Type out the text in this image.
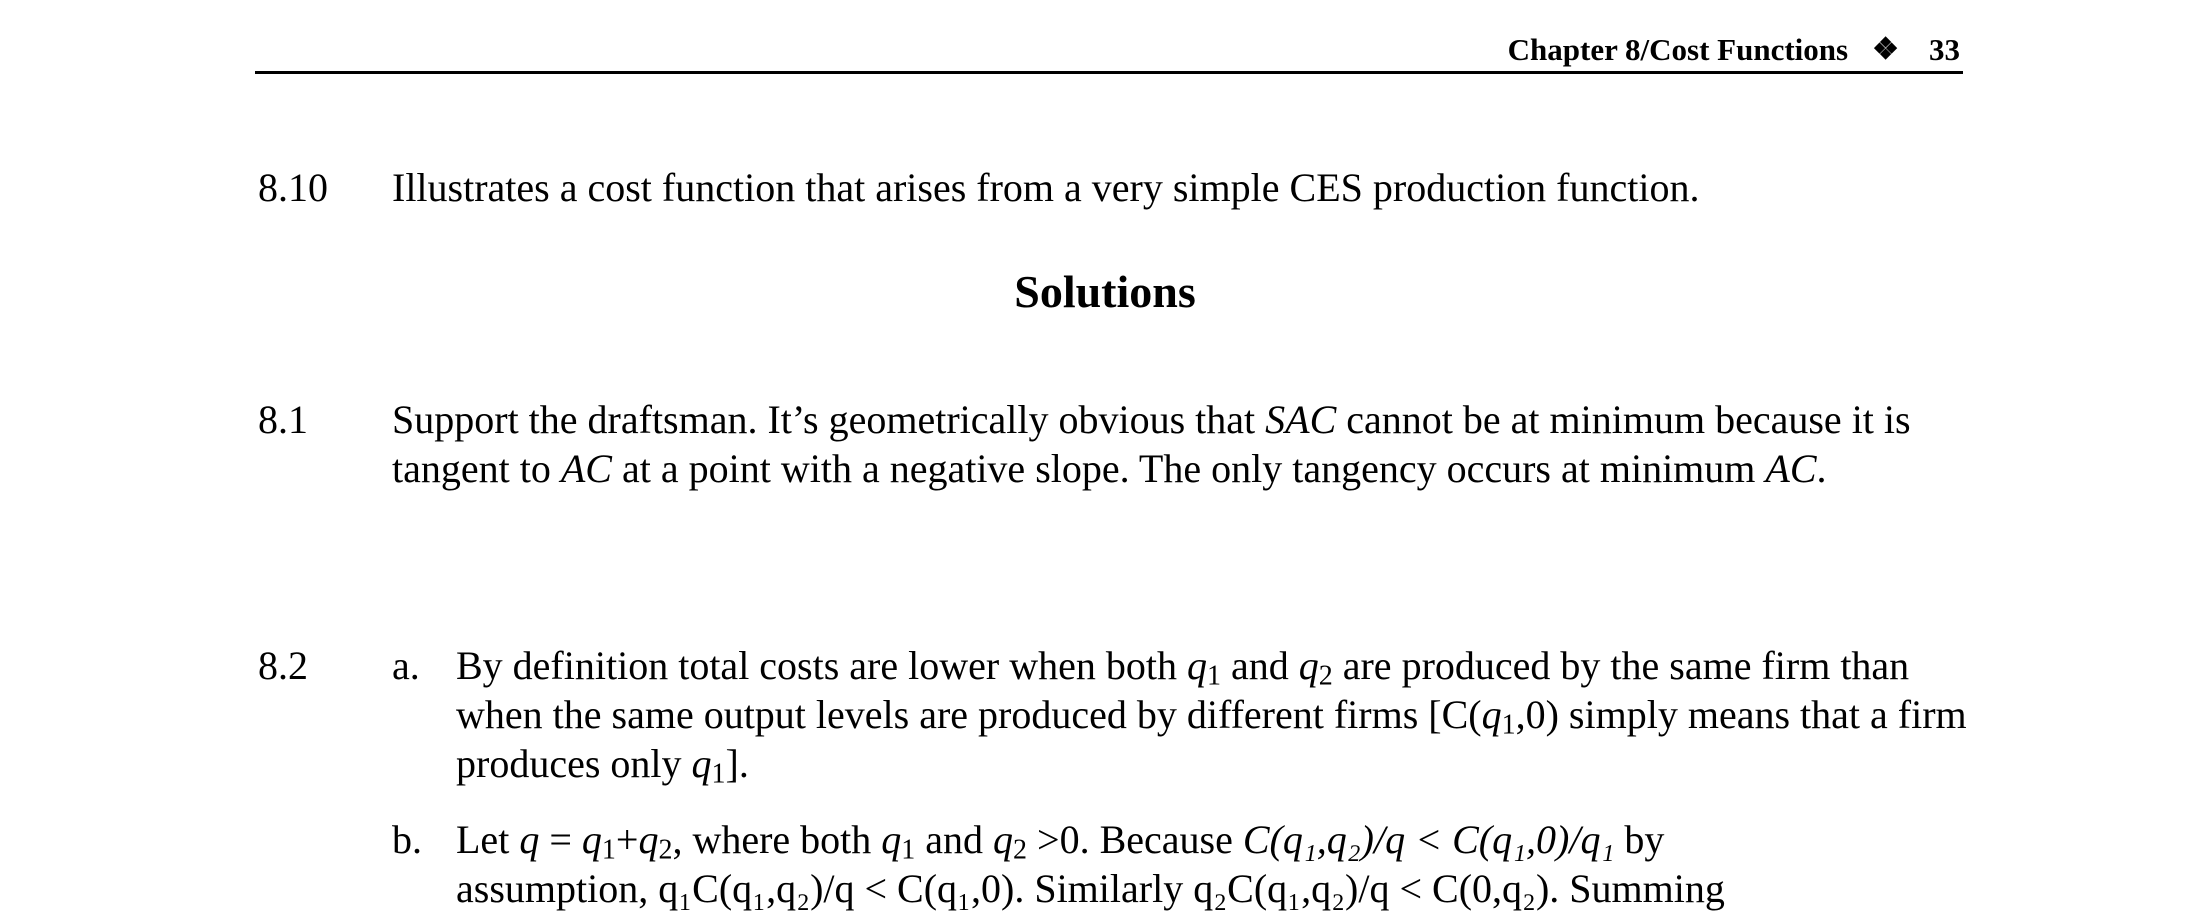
Chapter 8/Cost Functions ❖ 33
8.10	Illustrates a cost function that arises from a very simple CES production function.
Solutions
8.1	Support the draftsman. It’s geometrically obvious that SAC cannot be at minimum because it is tangent to AC at a point with a negative slope. The only tangency occurs at minimum AC.
8.2	a. By definition total costs are lower when both $q_1$ and $q_2$ are produced by the same firm than when the same output levels are produced by different firms [$C(q_1,0)$ simply means that a firm produces only $q_1$].
b. Let $q = q_1+q_2$, where both $q_1$ and $q_2 >0$. Because C(q₁,q₂)/q < C(q₁,0)/q₁ by
assumption, q₁C(q₁,q₂)/q < C(q₁,0). Similarly q₂C(q₁,q₂)/q < C(0,q₂). Summing
